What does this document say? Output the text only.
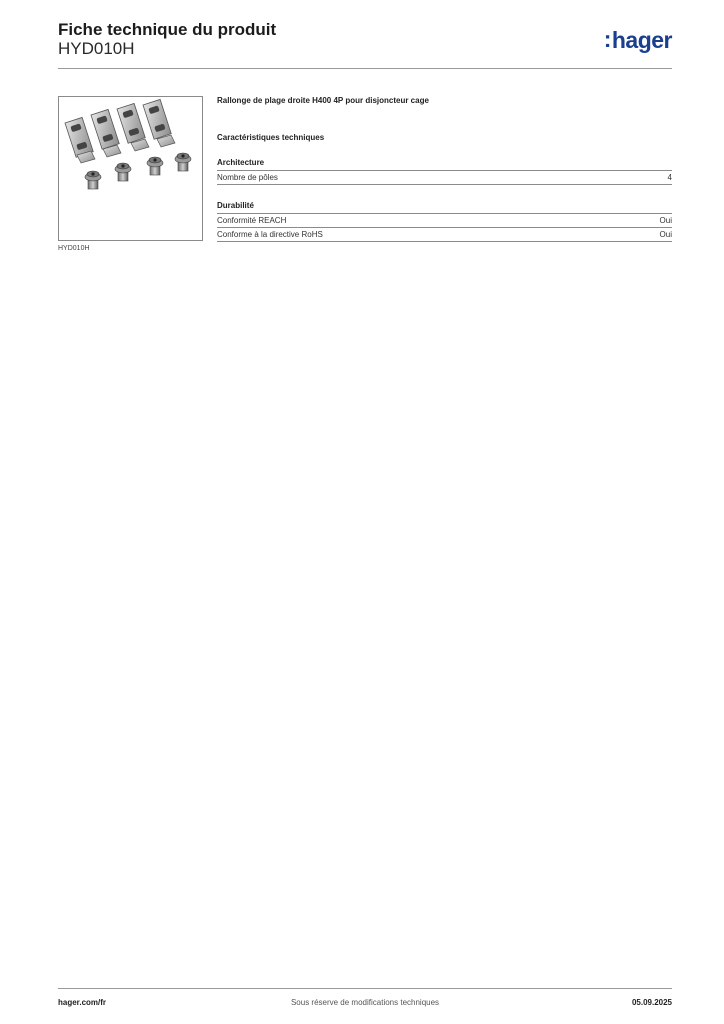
Fiche technique du produit
HYD010H	:hager
HYD010H
Rallonge de plage droite H400 4P pour disjoncteur cage
Caractéristiques techniques
Architecture
Nombre de pôles	4
Durabilité
Conformité REACH	Oui
Conforme à la directive RoHS	Oui
hager.com/fr	Sous réserve de modifications techniques	05.09.2025
